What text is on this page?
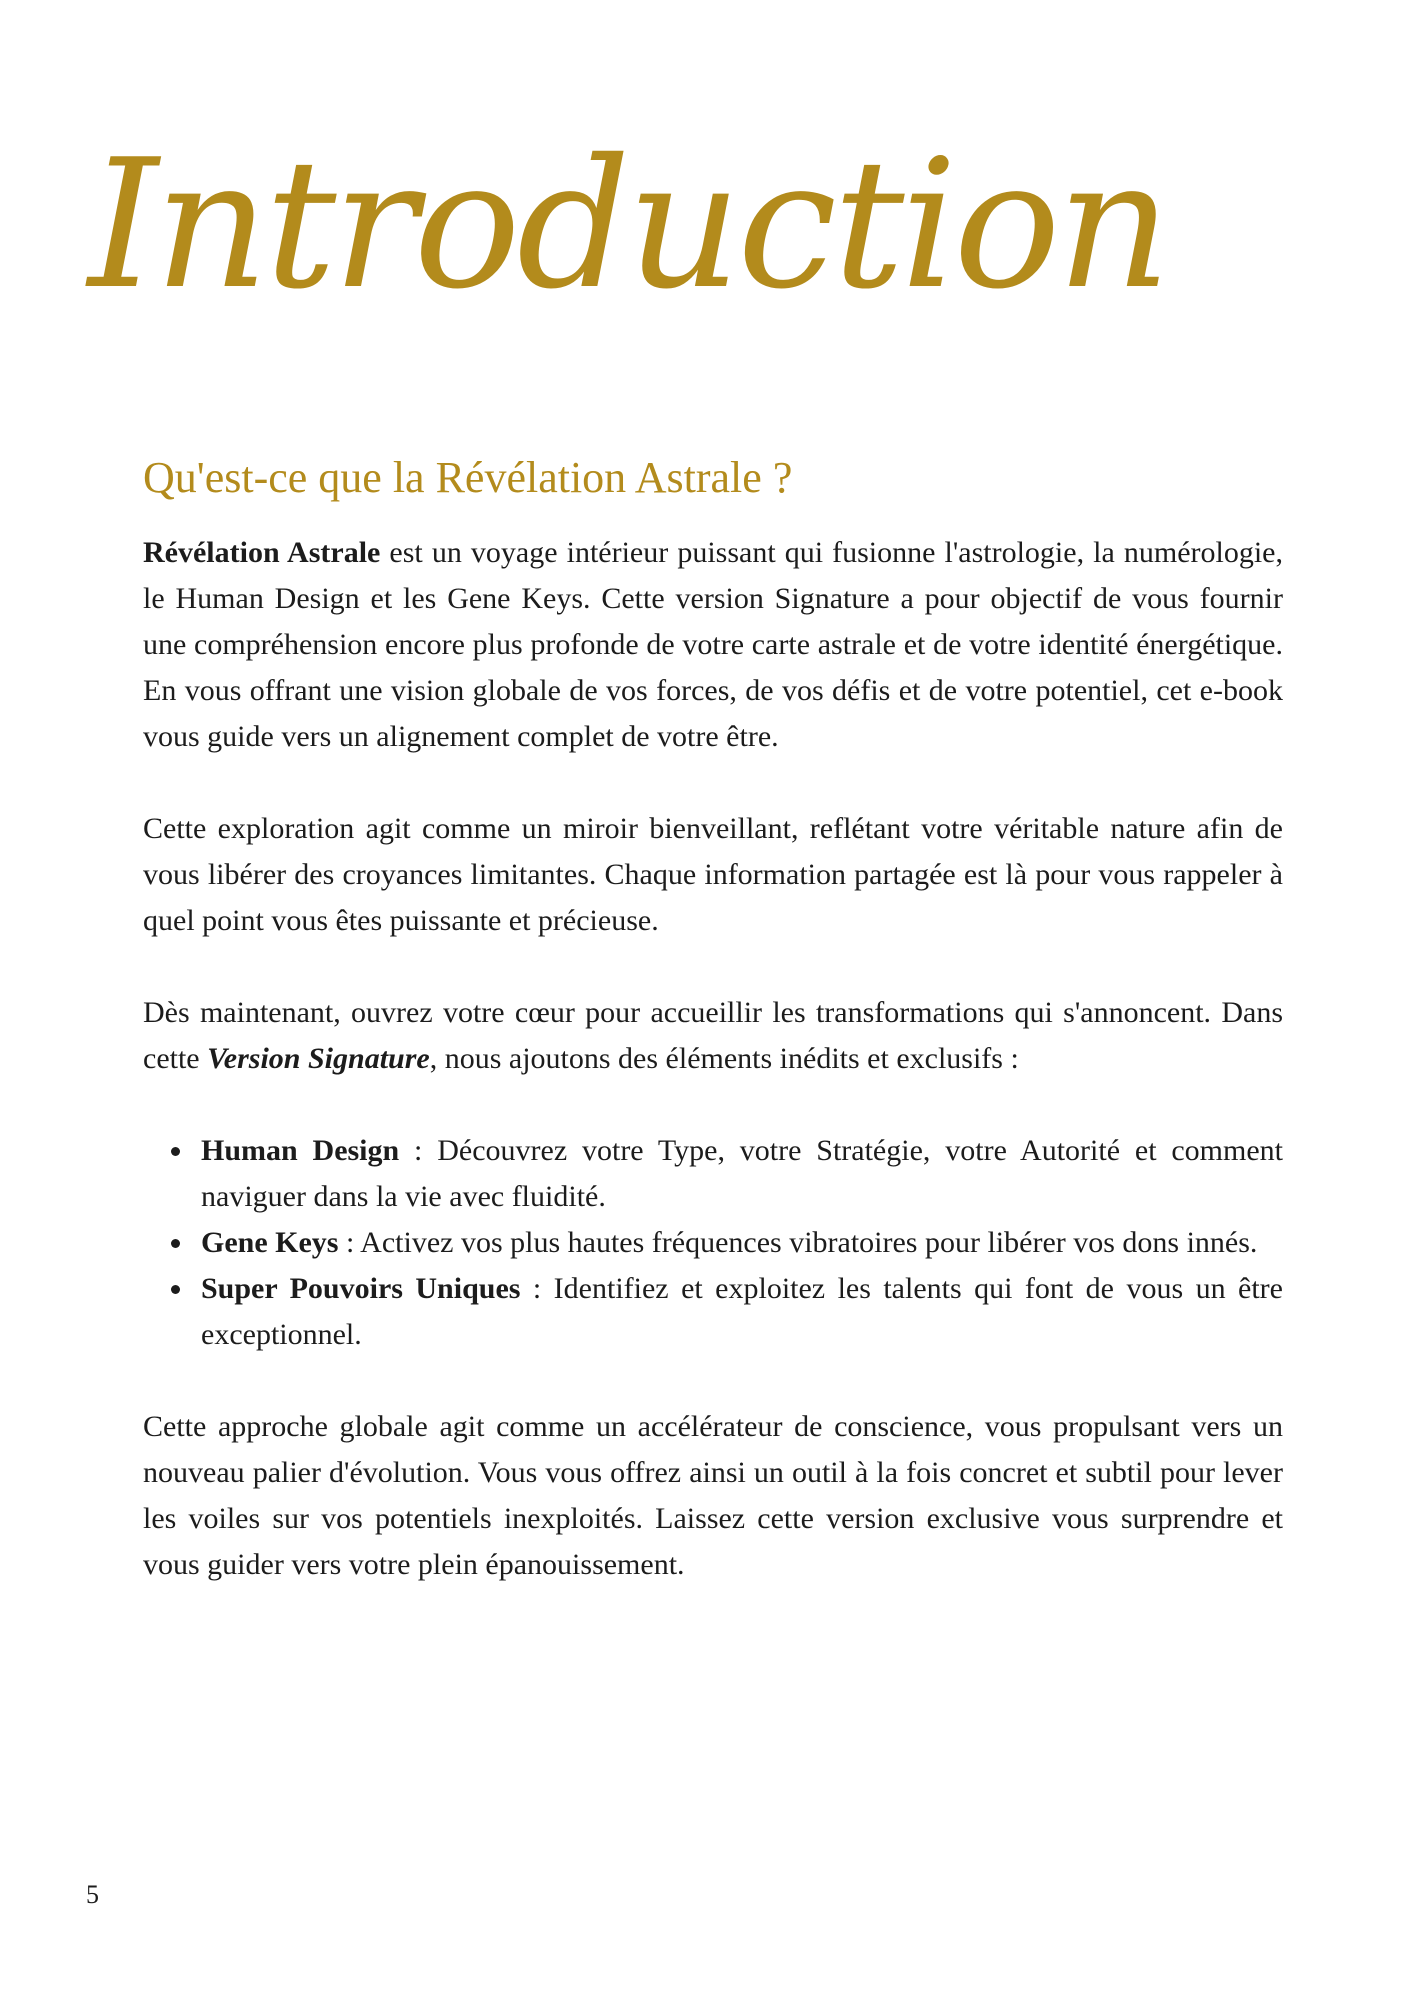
Introduction
Qu'est-ce que la Révélation Astrale ?

Révélation Astrale est un voyage intérieur puissant qui fusionne l'astrologie, la numérologie, le Human Design et les Gene Keys. Cette version Signature a pour objectif de vous fournir une compréhension encore plus profonde de votre carte astrale et de votre identité énergétique. En vous offrant une vision globale de vos forces, de vos défis et de votre potentiel, cet e-book vous guide vers un alignement complet de votre être.

Cette exploration agit comme un miroir bienveillant, reflétant votre véritable nature afin de vous libérer des croyances limitantes. Chaque information partagée est là pour vous rappeler à quel point vous êtes puissante et précieuse.

Dès maintenant, ouvrez votre cœur pour accueillir les transformations qui s'annoncent. Dans cette Version Signature, nous ajoutons des éléments inédits et exclusifs :

Human Design : Découvrez votre Type, votre Stratégie, votre Autorité et comment naviguer dans la vie avec fluidité.
Gene Keys : Activez vos plus hautes fréquences vibratoires pour libérer vos dons innés.
Super Pouvoirs Uniques : Identifiez et exploitez les talents qui font de vous un être exceptionnel.

Cette approche globale agit comme un accélérateur de conscience, vous propulsant vers un nouveau palier d'évolution. Vous vous offrez ainsi un outil à la fois concret et subtil pour lever les voiles sur vos potentiels inexploités. Laissez cette version exclusive vous surprendre et vous guider vers votre plein épanouissement.

5
